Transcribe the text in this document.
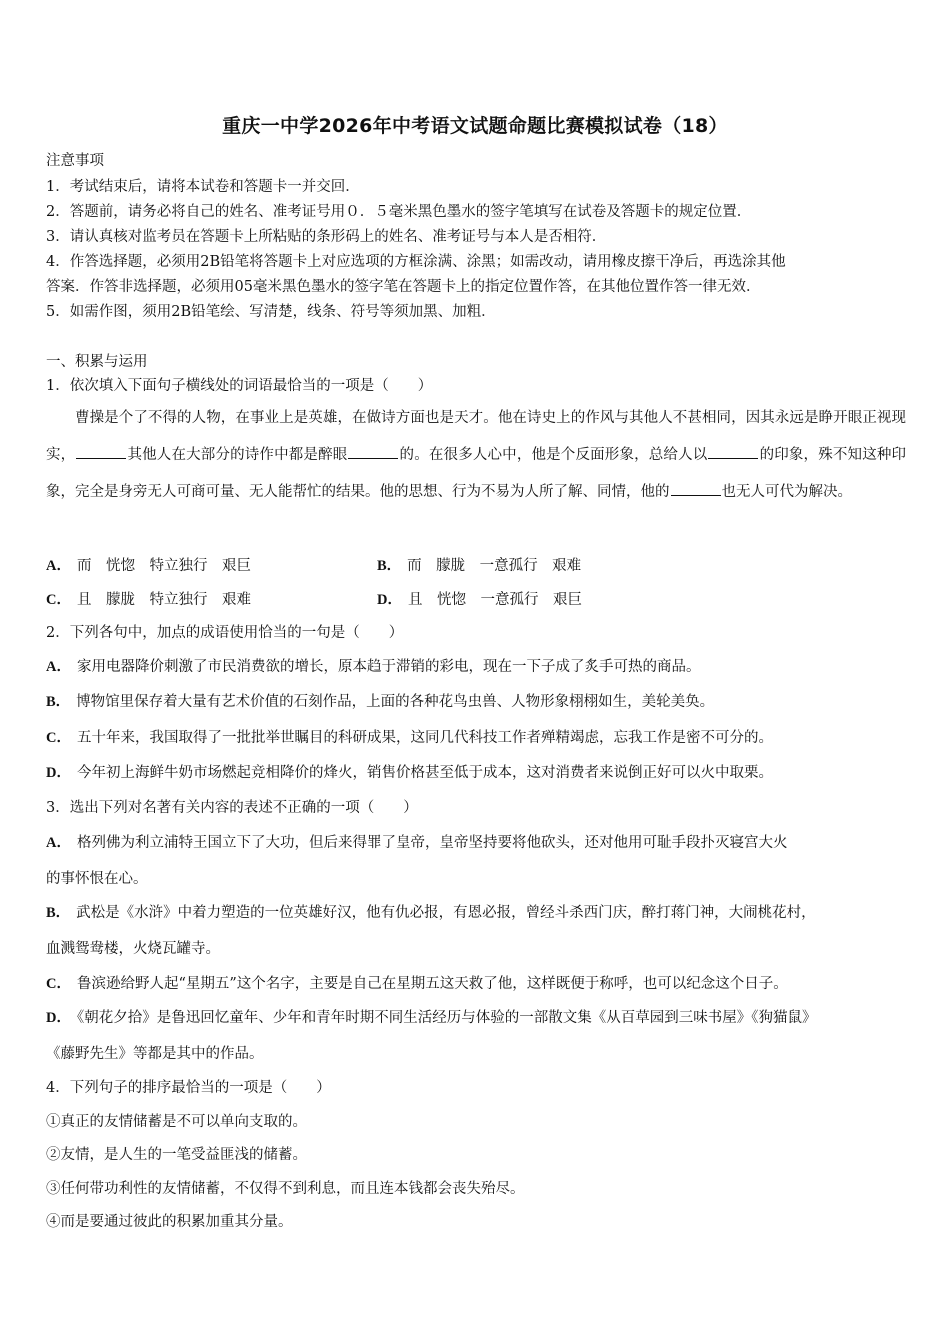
重庆一中学2026年中考语文试题命题比赛模拟试卷（18）
注意事项
1．考试结束后，请将本试卷和答题卡一并交回．
2．答题前，请务必将自己的姓名、准考证号用０．５毫米黑色墨水的签字笔填写在试卷及答题卡的规定位置．
3．请认真核对监考员在答题卡上所粘贴的条形码上的姓名、准考证号与本人是否相符．
4．作答选择题，必须用2B铅笔将答题卡上对应选项的方框涂满、涂黑；如需改动，请用橡皮擦干净后，再选涂其他
答案．作答非选择题，必须用05毫米黑色墨水的签字笔在答题卡上的指定位置作答，在其他位置作答一律无效．
5．如需作图，须用2B铅笔绘、写清楚，线条、符号等须加黑、加粗．
一、积累与运用
1．依次填入下面句子横线处的词语最恰当的一项是（　　）
曹操是个了不得的人物，在事业上是英雄，在做诗方面也是天才。他在诗史上的作风与其他人不甚相同，因其永远是睁开眼正视现实，	其他人在大部分的诗作中都是醉眼	的。在很多人心中，他是个反面形象，总给人以	的印象，殊不知这种印象，完全是身旁无人可商可量、无人能帮忙的结果。他的思想、行为不易为人所了解、同情，他的	也无人可代为解决。
A． 而　恍惚　特立独行　艰巨	B． 而　朦胧　一意孤行　艰难
C． 且　朦胧　特立独行　艰难	D． 且　恍惚　一意孤行　艰巨
2．下列各句中，加点的成语使用恰当的一句是（　　）
A． 家用电器降价刺激了市民消费欲的增长，原本趋于滞销的彩电，现在一下子成了炙手可热的商品。
B． 博物馆里保存着大量有艺术价值的石刻作品，上面的各种花鸟虫兽、人物形象栩栩如生，美轮美奂。
C． 五十年来，我国取得了一批批举世瞩目的科研成果，这同几代科技工作者殚精竭虑，忘我工作是密不可分的。
D． 今年初上海鲜牛奶市场燃起竞相降价的烽火，销售价格甚至低于成本，这对消费者来说倒正好可以火中取栗。
3．选出下列对名著有关内容的表述不正确的一项（　　）
A． 格列佛为利立浦特王国立下了大功，但后来得罪了皇帝，皇帝坚持要将他砍头，还对他用可耻手段扑灭寝宫大火
的事怀恨在心。
B． 武松是《水浒》中着力塑造的一位英雄好汉，他有仇必报，有恩必报，曾经斗杀西门庆，醉打蒋门神，大闹桃花村，
血溅鸳鸯楼，火烧瓦罐寺。
C． 鲁滨逊给野人起“星期五”这个名字，主要是自己在星期五这天救了他，这样既便于称呼，也可以纪念这个日子。
D． 《朝花夕拾》是鲁迅回忆童年、少年和青年时期不同生活经历与体验的一部散文集《从百草园到三味书屋》《狗猫鼠》
《藤野先生》等都是其中的作品。
4．下列句子的排序最恰当的一项是（　　）
①真正的友情储蓄是不可以单向支取的。
②友情，是人生的一笔受益匪浅的储蓄。
③任何带功利性的友情储蓄，不仅得不到利息，而且连本钱都会丧失殆尽。
④而是要通过彼此的积累加重其分量。
